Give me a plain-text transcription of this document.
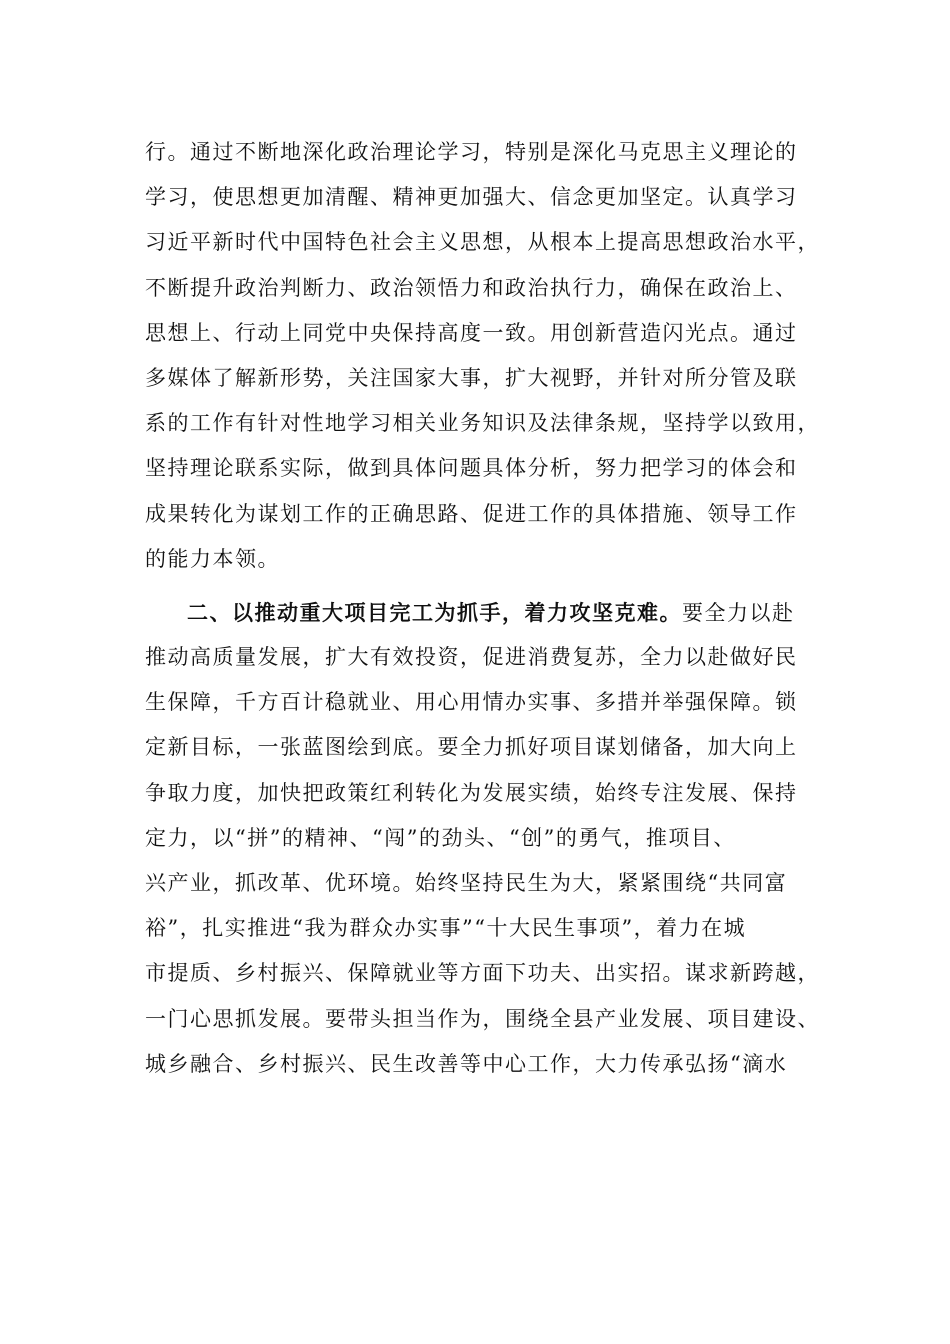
行。通过不断地深化政治理论学习，特别是深化马克思主义理论的
学习，使思想更加清醒、精神更加强大、信念更加坚定。认真学习
习近平新时代中国特色社会主义思想，从根本上提高思想政治水平，
不断提升政治判断力、政治领悟力和政治执行力，确保在政治上、
思想上、行动上同党中央保持高度一致。用创新营造闪光点。通过
多媒体了解新形势，关注国家大事，扩大视野，并针对所分管及联
系的工作有针对性地学习相关业务知识及法律条规，坚持学以致用，
坚持理论联系实际，做到具体问题具体分析，努力把学习的体会和
成果转化为谋划工作的正确思路、促进工作的具体措施、领导工作
的能力本领。
二、以推动重大项目完工为抓手，着力攻坚克难。要全力以赴
推动高质量发展，扩大有效投资，促进消费复苏，全力以赴做好民
生保障，千方百计稳就业、用心用情办实事、多措并举强保障。锁
定新目标，一张蓝图绘到底。要全力抓好项目谋划储备，加大向上
争取力度，加快把政策红利转化为发展实绩，始终专注发展、保持
定力，以“拼”的精神、“闯”的劲头、“创”的勇气，推项目、
兴产业，抓改革、优环境。始终坚持民生为大，紧紧围绕“共同富
裕”，扎实推进“我为群众办实事”“十大民生事项”，着力在城
市提质、乡村振兴、保障就业等方面下功夫、出实招。谋求新跨越，
一门心思抓发展。要带头担当作为，围绕全县产业发展、项目建设、
城乡融合、乡村振兴、民生改善等中心工作，大力传承弘扬“滴水
